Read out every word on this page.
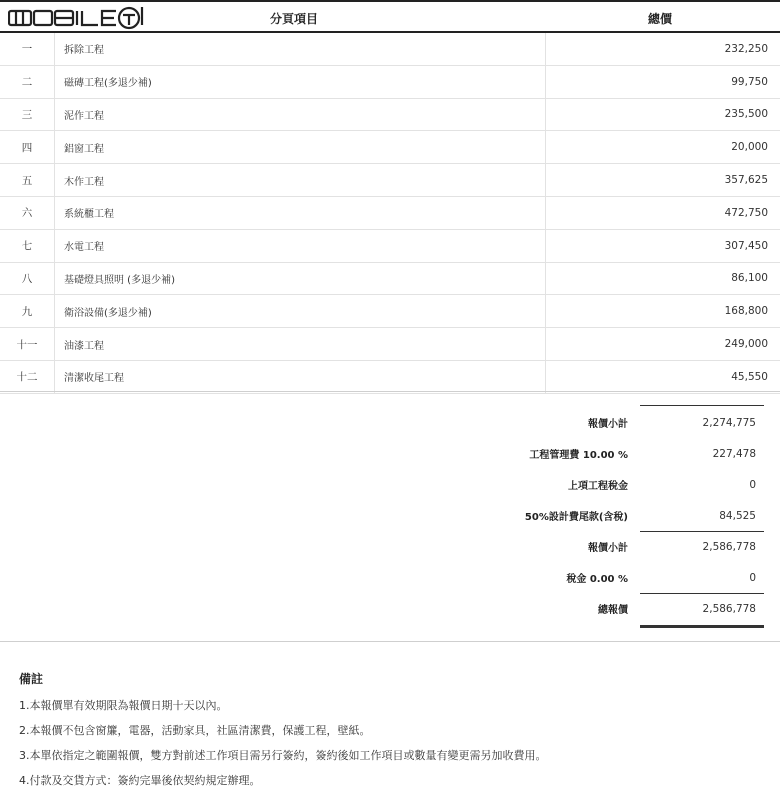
分頁項目	總價
一	拆除工程	232,250
二	磁磚工程(多退少補)	99,750
三	泥作工程	235,500
四	鋁窗工程	20,000
五	木作工程	357,625
六	系統櫃工程	472,750
七	水電工程	307,450
八	基礎燈具照明 (多退少補)	86,100
九	衛浴設備(多退少補)	168,800
十一	油漆工程	249,000
十二	清潔收尾工程	45,550
報價小計	2,274,775
工程管理費 10.00 %	227,478
上項工程稅金	0
50%設計費尾款(含稅)	84,525
報價小計	2,586,778
稅金 0.00 %	0
總報價	2,586,778
備註
1.本報價單有效期限為報價日期十天以內。
2.本報價不包含窗簾，電器，活動家具，社區清潔費，保護工程，壁紙。
3.本單依指定之範圍報價，雙方對前述工作項目需另行簽約，簽約後如工作項目或數量有變更需另加收費用。
4.付款及交貨方式：簽約完畢後依契約規定辦理。
